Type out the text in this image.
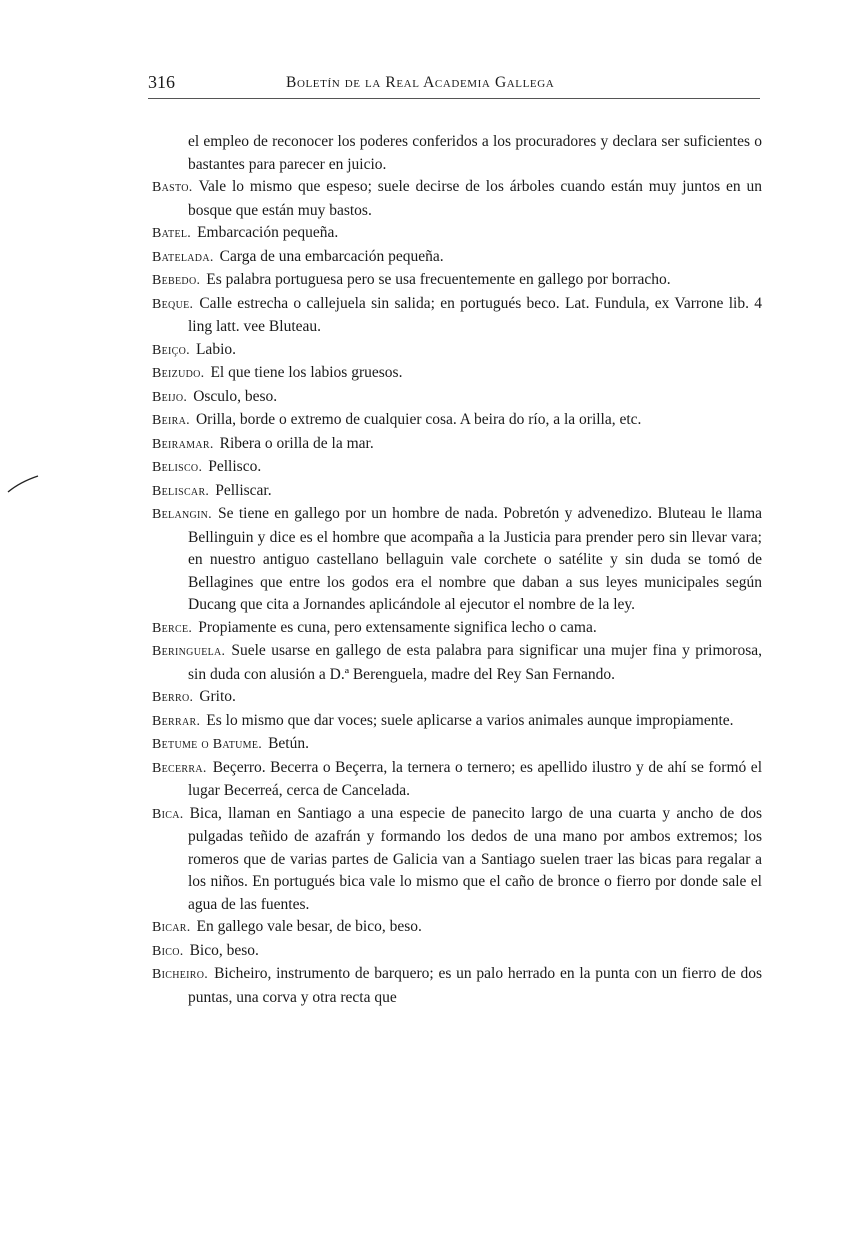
316	Boletín de la Real Academia Gallega

el empleo de reconocer los poderes conferidos a los procuradores y declara ser suficientes o bastantes para parecer en juicio.

Basto. Vale lo mismo que espeso; suele decirse de los árboles cuando están muy juntos en un bosque que están muy bastos.

Batel. Embarcación pequeña.

Batelada. Carga de una embarcación pequeña.

Bebedo. Es palabra portuguesa pero se usa frecuentemente en gallego por borracho.

Beque. Calle estrecha o callejuela sin salida; en portugués beco. Lat. Fundula, ex Varrone lib. 4 ling latt. vee Bluteau.

Beiço. Labio.

Beizudo. El que tiene los labios gruesos.

Beijo. Osculo, beso.

Beira. Orilla, borde o extremo de cualquier cosa. A beira do río, a la orilla, etc.

Beiramar. Ribera o orilla de la mar.

Belisco. Pellisco.

Beliscar. Pelliscar.

Belangin. Se tiene en gallego por un hombre de nada. Pobretón y advenedizo. Bluteau le llama Bellinguin y dice es el hombre que acompaña a la Justicia para prender pero sin llevar vara; en nuestro antiguo castellano bellaguin vale corchete o satélite y sin duda se tomó de Bellagines que entre los godos era el nombre que daban a sus leyes municipales según Ducang que cita a Jornandes aplicándole al ejecutor el nombre de la ley.

Berce. Propiamente es cuna, pero extensamente significa lecho o cama.

Beringuela. Suele usarse en gallego de esta palabra para significar una mujer fina y primorosa, sin duda con alusión a D.ª Berenguela, madre del Rey San Fernando.

Berro. Grito.

Berrar. Es lo mismo que dar voces; suele aplicarse a varios animales aunque impropiamente.

Betume o Batume. Betún.

Becerra. Beçerro. Becerra o Beçerra, la ternera o ternero; es apellido ilustro y de ahí se formó el lugar Becerreá, cerca de Cancelada.

Bica. Bica, llaman en Santiago a una especie de panecito largo de una cuarta y ancho de dos pulgadas teñido de azafrán y formando los dedos de una mano por ambos extremos; los romeros que de varias partes de Galicia van a Santiago suelen traer las bicas para regalar a los niños. En portugués bica vale lo mismo que el caño de bronce o fierro por donde sale el agua de las fuentes.

Bicar. En gallego vale besar, de bico, beso.

Bico. Bico, beso.

Bicheiro. Bicheiro, instrumento de barquero; es un palo herrado en la punta con un fierro de dos puntas, una corva y otra recta que
